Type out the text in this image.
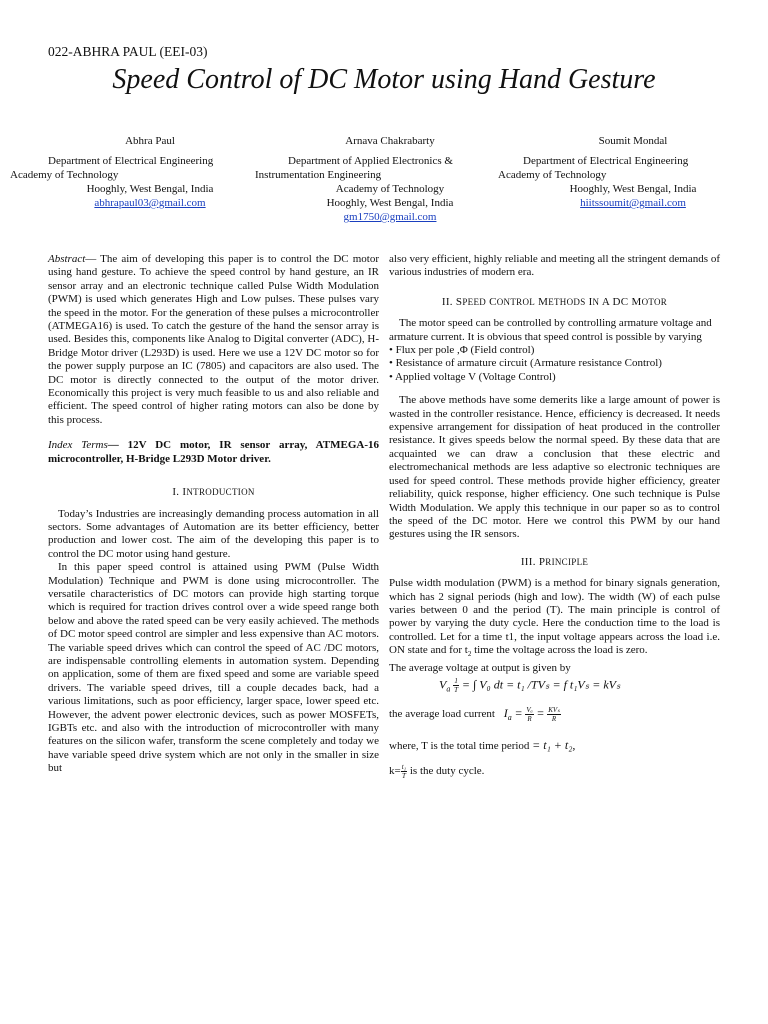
022-ABHRA PAUL (EEI-03)
Speed Control of DC Motor using Hand Gesture
Abhra Paul
Department of Electrical Engineering
Academy of Technology
Hooghly, West Bengal, India
abhrapaul03@gmail.com
Arnava Chakrabarty
Department of Applied Electronics &
Instrumentation Engineering
Academy of Technology
Hooghly, West Bengal, India
gm1750@gmail.com
Soumit Mondal
Department of Electrical Engineering
Academy of Technology
Hooghly, West Bengal, India
hiitssoumit@gmail.com

Abstract— The aim of developing this paper is to control the DC motor using hand gesture. To achieve the speed control by hand gesture, an IR sensor array and an electronic technique called Pulse Width Modulation (PWM) is used which generates High and Low pulses. These pulses vary the speed in the motor. For the generation of these pulses a microcontroller (ATMEGA16) is used. To catch the gesture of the hand the sensor array is used. Besides this, components like Analog to Digital converter (ADC), H-Bridge Motor driver (L293D) is used. Here we use a 12V DC motor so for the power supply purpose an IC (7805) and capacitors are also used. The DC motor is directly connected to the output of the motor driver. Economically this project is very much feasible to us and also reliable and efficient. The speed control of higher rating motors can also be done by this process.

Index Terms— 12V DC motor, IR sensor array, ATMEGA-16 microcontroller, H-Bridge L293D Motor driver.

I. INTRODUCTION

Today’s Industries are increasingly demanding process automation in all sectors. Some advantages of Automation are its better efficiency, better production and lower cost. The aim of the developing this paper is to control the DC motor using hand gesture.

In this paper speed control is attained using PWM (Pulse Width Modulation) Technique and PWM is done using microcontroller. The versatile characteristics of DC motors can provide high starting torque which is required for traction drives control over a wide speed range both below and above the rated speed can be very easily achieved. The methods of DC motor speed control are simpler and less expensive than AC motors. The variable speed drives which can control the speed of AC /DC motors, are indispensable controlling elements in automation system. Depending on application, some of them are fixed speed and some are variable speed drivers. The variable speed drives, till a couple decades back, had a various limitations, such as poor efficiency, larger space, lower speed etc. However, the advent power electronic devices, such as power MOSFETs, IGBTs etc. and also with the introduction of microcontroller with many features on the silicon wafer, transform the scene completely and today we have variable speed drive system which are not only in the smaller in size but

also very efficient, highly reliable and meeting all the stringent demands of various industries of modern era.

II. SPEED CONTROL METHODS IN A DC MOTOR

The motor speed can be controlled by controlling armature voltage and armature current. It is obvious that speed control is possible by varying

• Flux per pole ,Φ (Field control)

• Resistance of armature circuit (Armature resistance Control)

• Applied voltage V (Voltage Control)

The above methods have some demerits like a large amount of power is wasted in the controller resistance. Hence, efficiency is decreased. It needs expensive arrangement for dissipation of heat produced in the controller resistance. It gives speeds below the normal speed. By these data that are acquainted we can draw a conclusion that these electric and electromechanical methods are less adaptive so electronic techniques are used for speed control. These methods provide higher efficiency, greater reliability, quick response, higher efficiency. One such technique is Pulse Width Modulation. We apply this technique in our paper so as to control the speed of the DC motor. Here we control this PWM by our hand gestures using the IR sensors.

III. PRINCIPLE

Pulse width modulation (PWM) is a method for binary signals generation, which has 2 signal periods (high and low). The width (W) of each pulse varies between 0 and the period (T). The main principle is control of power by varying the duty cycle. Here the conduction time to the load is controlled. Let for a time t1, the input voltage appears across the load i.e. ON state and for $t_2$ time the voltage across the load is zero.

The average voltage at output is given by

$V_a \frac{1}{T}$ = ∫ V₀ dt = t₁ /TVₛ = f t₁Vₛ = kVₛ
the average load current $I_a = \frac{\text{Vₐ}}{R} = \frac{\text{KVₛ}}{R}$
where, T is the total time period = t₁ + t₂,
$k= \frac{\text{t₁}}{T}$ is the duty cycle.
